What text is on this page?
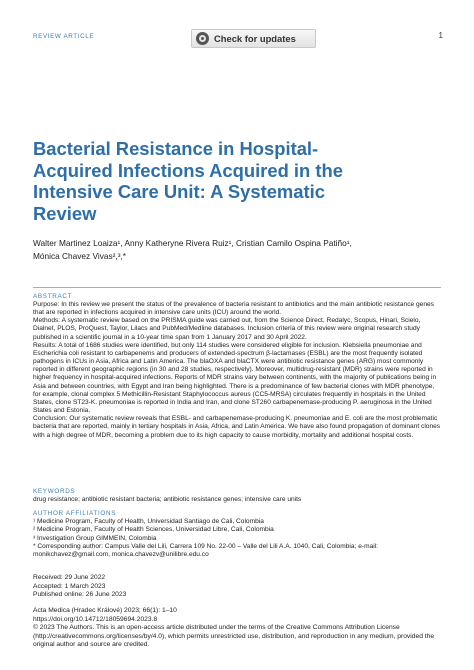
REVIEW ARTICLE	Check for updates	1
Bacterial Resistance in Hospital-Acquired Infections Acquired in the Intensive Care Unit: A Systematic Review
Walter Martinez Loaiza¹, Anny Katheryne Rivera Ruiz¹, Cristian Camilo Ospina Patiño¹,
Mónica Chavez Vivas²,³,*
ABSTRACT

Purpose: In this review we present the status of the prevalence of bacteria resistant to antibiotics and the main antibiotic resistance genes that are reported in infections acquired in intensive care units (ICU) around the world.

Methods: A systematic review based on the PRISMA guide was carried out, from the Science Direct, Redalyc, Scopus, Hinari, Scielo, Dialnet, PLOS, ProQuest, Taylor, Lilacs and PubMed/Medline databases. Inclusion criteria of this review were original research study published in a scientific journal in a 10-year time span from 1 January 2017 and 30 April 2022.

Results: A total of 1686 studies were identified, but only 114 studies were considered eligible for inclusion. Klebsiella pneumoniae and Escherichia coli resistant to carbapenems and producers of extended-spectrum β-lactamases (ESBL) are the most frequently isolated pathogens in ICUs in Asia, Africa and Latin America. The blaOXA and blaCTX were antibiotic resistance genes (ARG) most commonly reported in different geographic regions (in 30 and 28 studies, respectively). Moreover, multidrug-resistant (MDR) strains were reported in higher frequency in hospital-acquired infections. Reports of MDR strains vary between continents, with the majority of publications being in Asia and between countries, with Egypt and Iran being highlighted. There is a predominance of few bacterial clones with MDR phenotype, for example, clonal complex 5 Methicillin-Resistant Staphylococcus aureus (CC5-MRSA) circulates frequently in hospitals in the United States, clone ST23-K. pneumoniae is reported in India and Iran, and clone ST260 carbapenemase-producing P. aeruginosa in the United States and Estonia.

Conclusion: Our systematic review reveals that ESBL- and carbapenemase-producing K. pneumoniae and E. coli are the most problematic bacteria that are reported, mainly in tertiary hospitals in Asia, Africa, and Latin America. We have also found propagation of dominant clones with a high degree of MDR, becoming a problem due to its high capacity to cause morbidity, mortality and additional hospital costs.

KEYWORDS
drug resistance; antibiotic resistant bacteria; antibiotic resistance genes; intensive care units
AUTHOR AFFILIATIONS
¹ Medicine Program, Faculty of Health, Universidad Santiago de Cali, Colombia
² Medicine Program, Faculty of Health Sciences, Universidad Libre, Cali, Colombia
³ Investigation Group GIMMEIN, Colombia
* Corresponding author: Campus Valle del Lili, Carrera 109 No. 22-00 – Valle del Lili A.A. 1040, Cali, Colombia; e-mail: monikchavez@gmail.com, monica.chavezv@unilibre.edu.co
Received: 29 June 2022
Accepted: 1 March 2023
Published online: 26 June 2023
Acta Medica (Hradec Králové) 2023; 66(1): 1–10
https://doi.org/10.14712/18059694.2023.8
© 2023 The Authors. This is an open-access article distributed under the terms of the Creative Commons Attribution License (http://creativecommons.org/licenses/by/4.0), which permits unrestricted use, distribution, and reproduction in any medium, provided the original author and source are credited.
